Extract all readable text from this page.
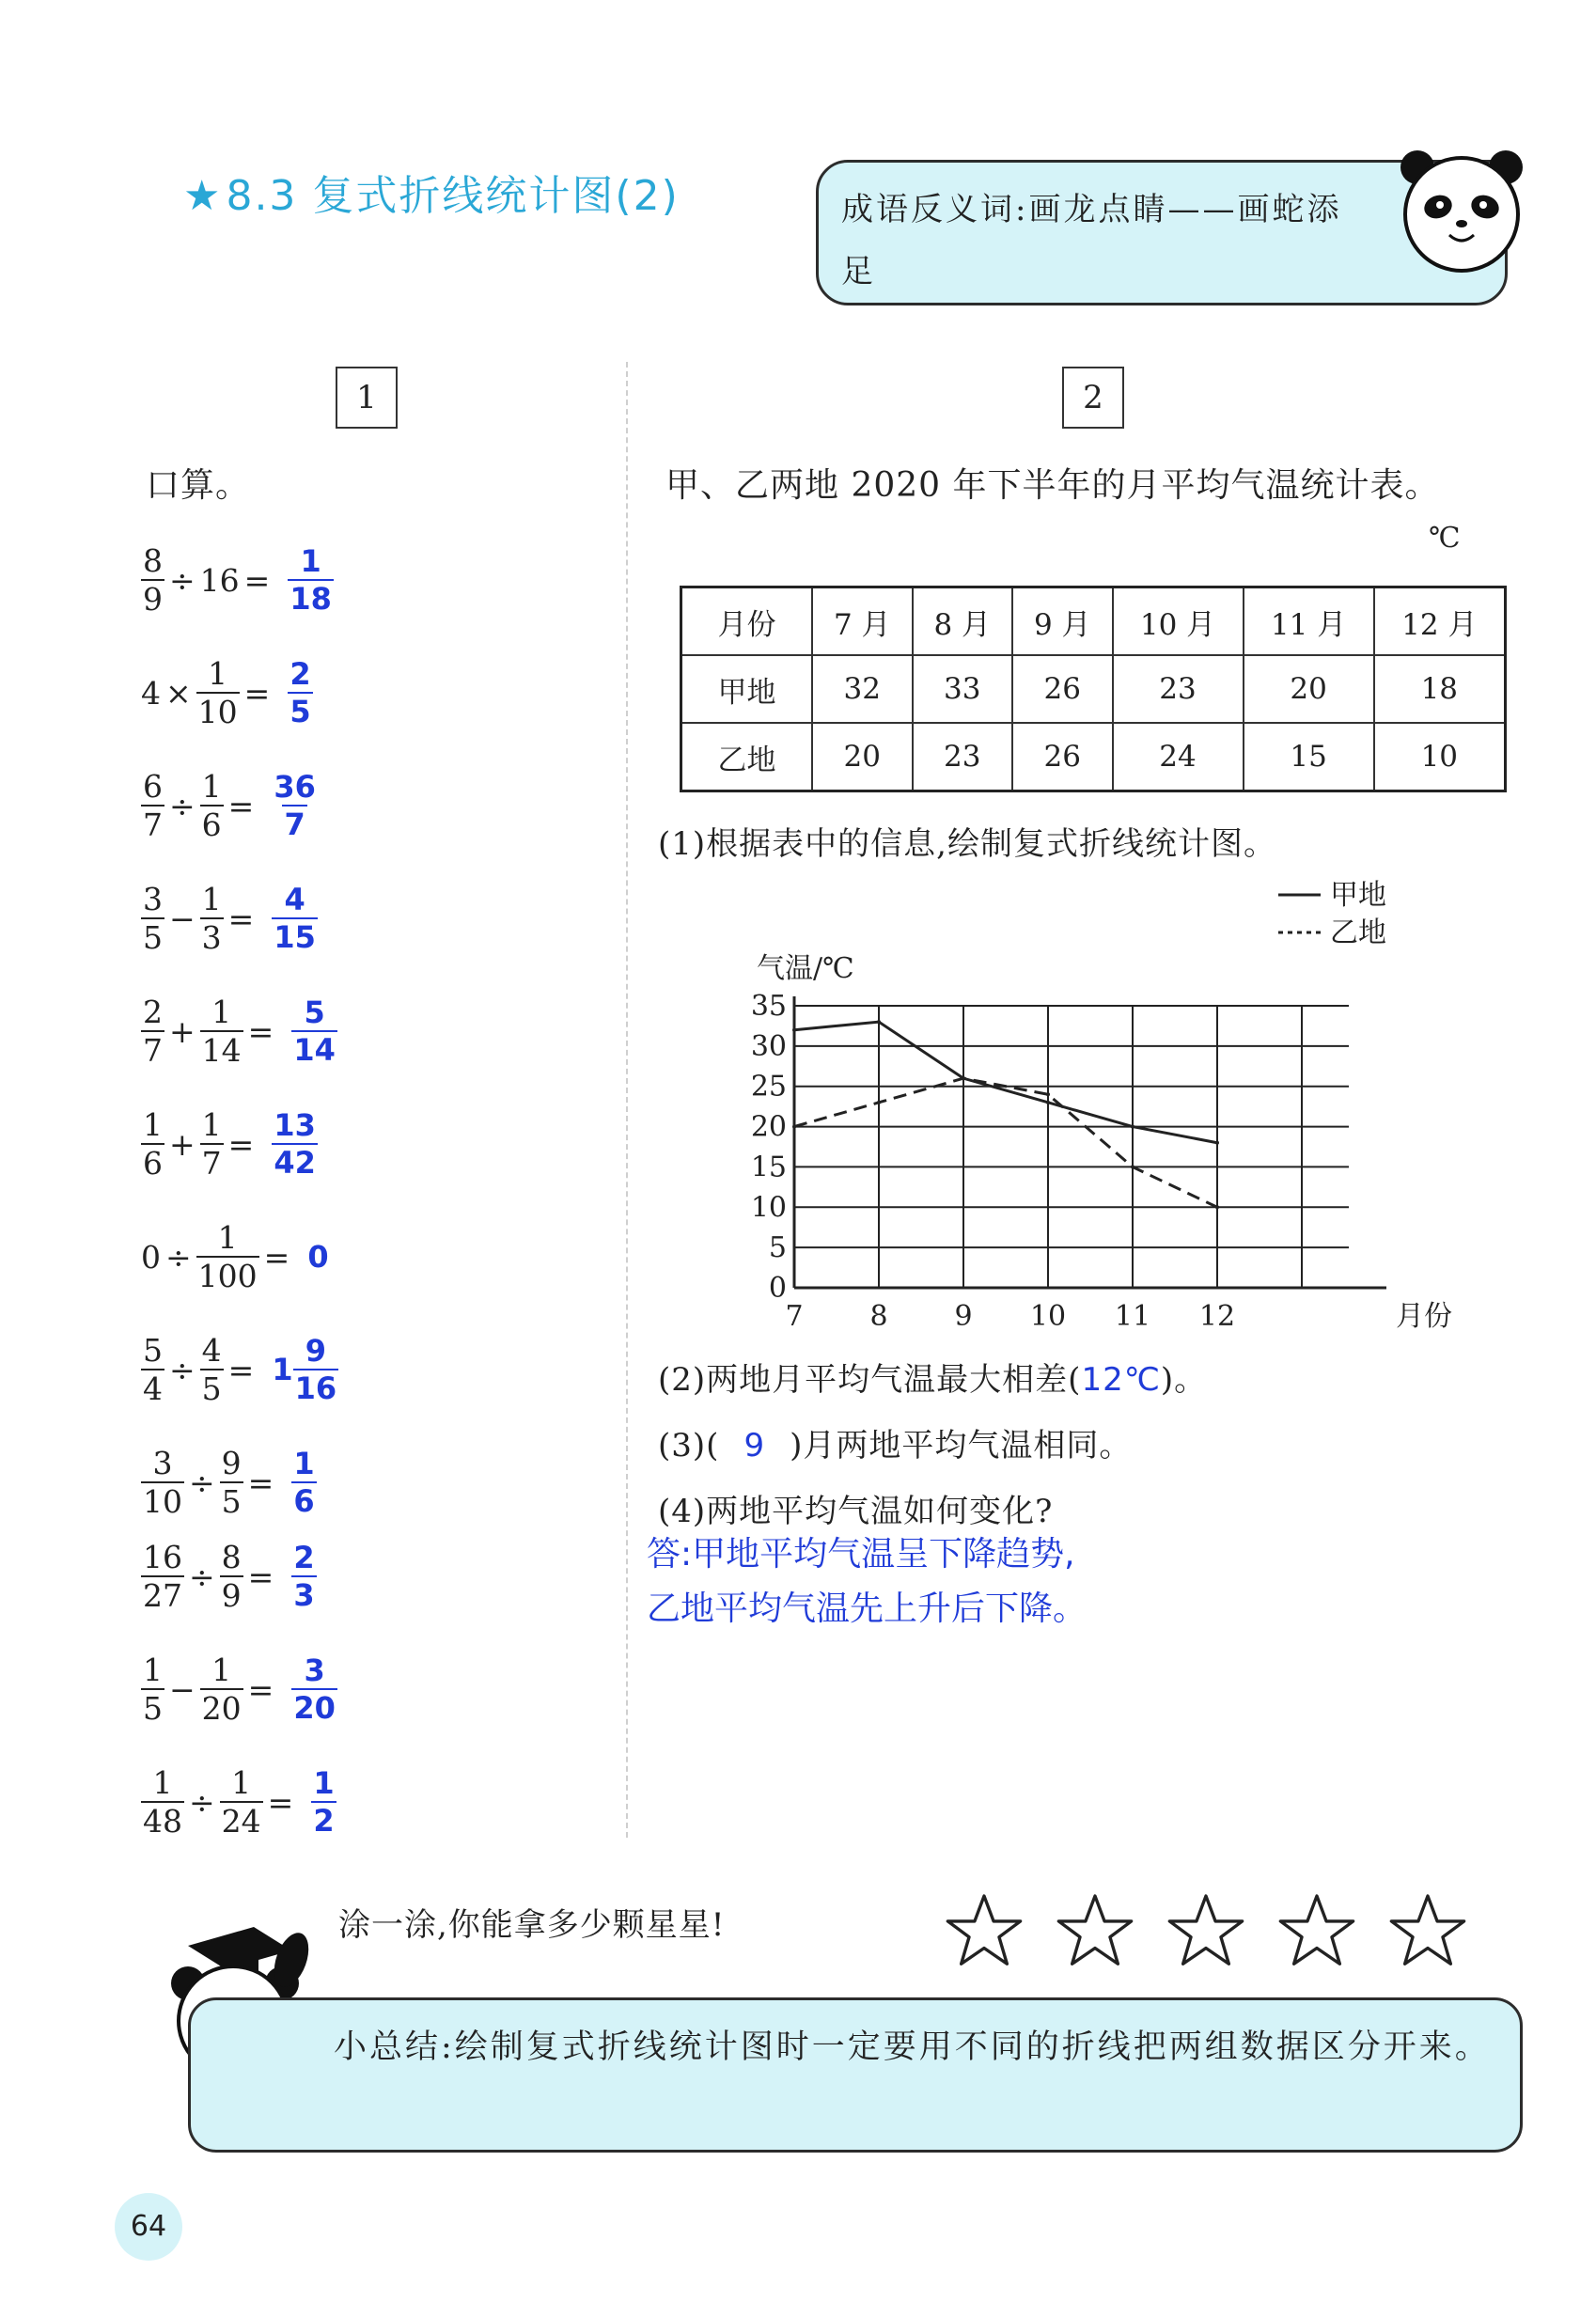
★8.3 复式折线统计图(2)	成语反义词:画龙点睛——画蛇添足
1
口算。
$\frac{8}{9} \div 16 = \frac{1}{18}$
$4 \times \frac{1}{10} = \frac{2}{5}$
$\frac{6}{7} \div \frac{1}{6} = \frac{36}{7}$
$\frac{3}{5} - \frac{1}{3} = \frac{4}{15}$
$\frac{2}{7} + \frac{1}{14} = \frac{5}{14}$
$\frac{1}{6} + \frac{1}{7} = \frac{13}{42}$
$0 \div \frac{1}{100} = 0$
$\frac{5}{4} \div \frac{4}{5} = 1 \frac{9}{16}$
$\frac{3}{10} \div \frac{9}{5} = \frac{1}{6}$
$\frac{16}{27} \div \frac{8}{9} = \frac{2}{3}$
$\frac{1}{5} - \frac{1}{20} = \frac{3}{20}$
$\frac{1}{48} \div \frac{1}{24} = \frac{1}{2}$
2
甲、乙两地 2020 年下半年的月平均气温统计表。
℃
月份	7 月	8 月	9 月	10 月	11 月	12 月
甲地	32	33	26	23	20	18
乙地	20	23	26	24	15	10
(1)根据表中的信息,绘制复式折线统计图。
0
5
10
15
20
25
30
35
7 8 9 10 11 12
气温/℃
月份
甲地
乙地
(2)两地月平均气温最大相差(12℃)。
(3)( 9 )月两地平均气温相同。
(4)两地平均气温如何变化?
答:甲地平均气温呈下降趋势,
乙地平均气温先上升后下降。
涂一涂,你能拿多少颗星星!
小总结:绘制复式折线统计图时一定要用不同的折线把两组数据区分开来。
64
